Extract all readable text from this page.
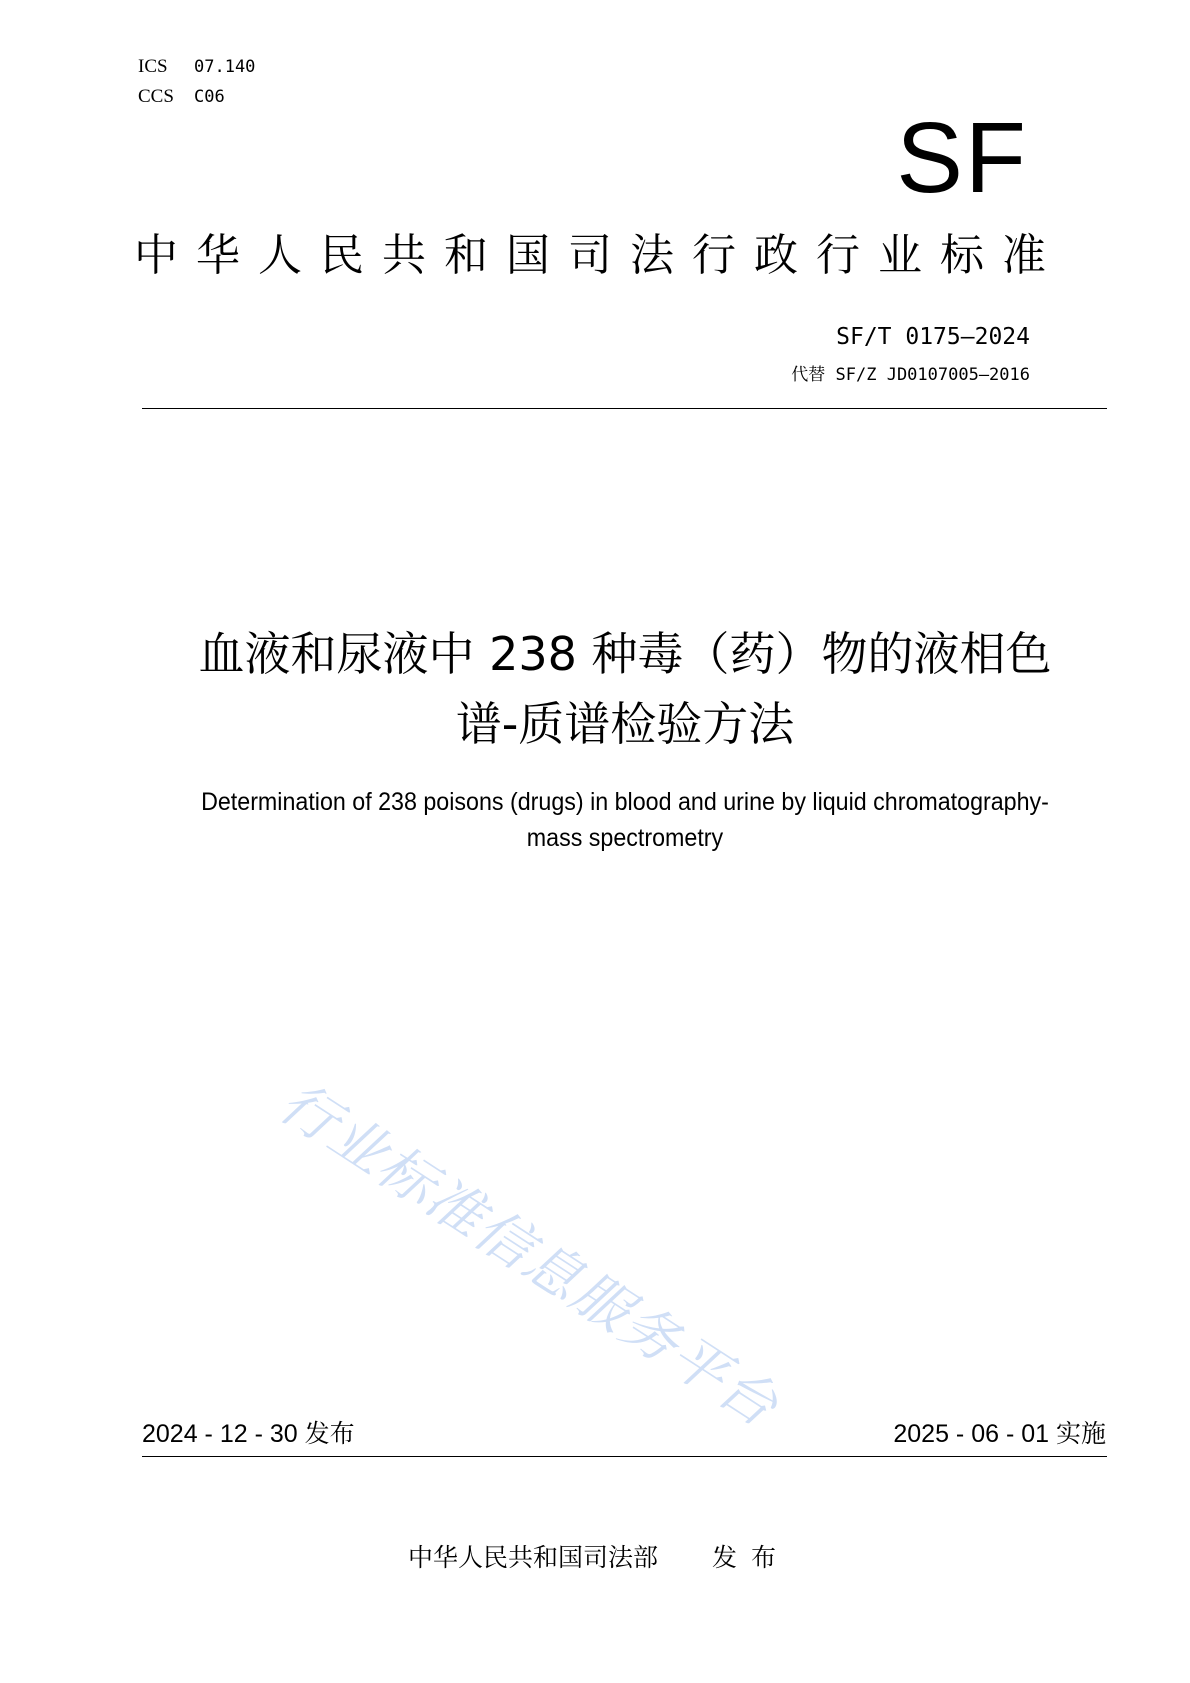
ICS 07.140
CCS C06
SF
中华人民共和国司法行政行业标准
SF/T 0175—2024
代替 SF/Z JD0107005—2016
血液和尿液中 238 种毒（药）物的液相色
谱-质谱检验方法
Determination of 238 poisons (drugs) in blood and urine by liquid chromatography-
mass spectrometry
行业标准信息服务平台
2024 - 12 - 30 发布	2025 - 06 - 01 实施
中华人民共和国司法部 发布
